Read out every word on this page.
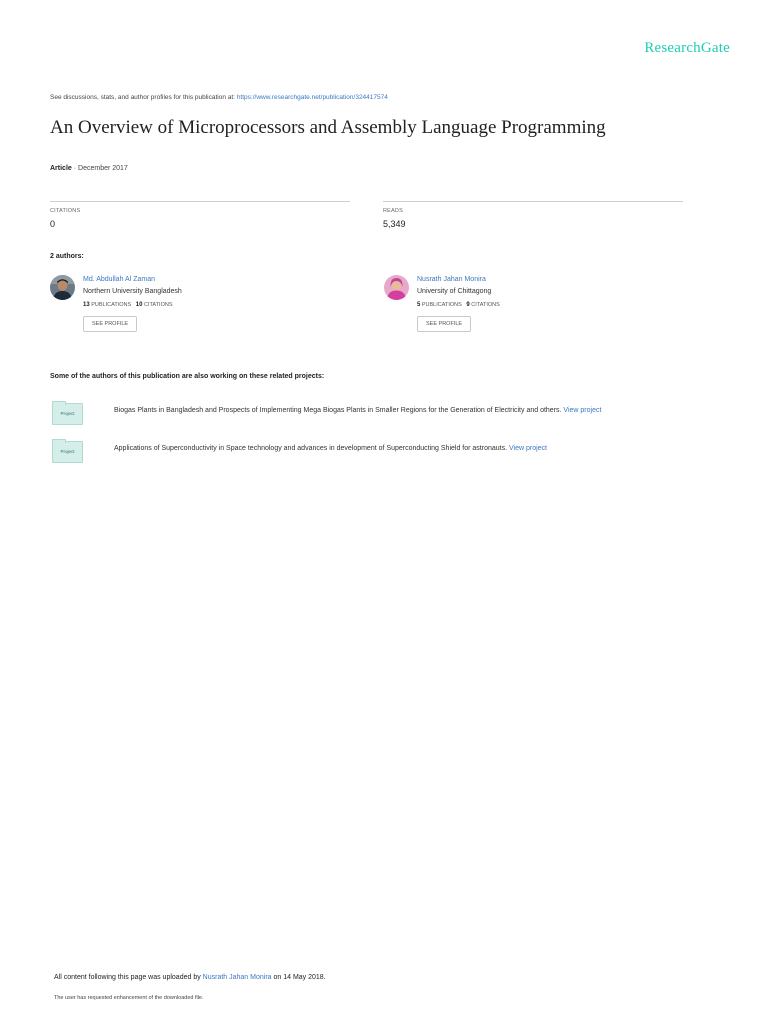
ResearchGate
See discussions, stats, and author profiles for this publication at: https://www.researchgate.net/publication/324417574
An Overview of Microprocessors and Assembly Language Programming
Article · December 2017
CITATIONS
0
READS
5,349
2 authors:
Md. Abdullah Al Zaman
Northern University Bangladesh
13 PUBLICATIONS 10 CITATIONS
SEE PROFILE
Nusrath Jahan Monira
University of Chittagong
5 PUBLICATIONS 9 CITATIONS
SEE PROFILE
Some of the authors of this publication are also working on these related projects:
Project	Biogas Plants in Bangladesh and Prospects of Implementing Mega Biogas Plants in Smaller Regions for the Generation of Electricity and others. View project
Project	Applications of Superconductivity in Space technology and advances in development of Superconducting Shield for astronauts. View project
All content following this page was uploaded by Nusrath Jahan Monira on 14 May 2018.
The user has requested enhancement of the downloaded file.
